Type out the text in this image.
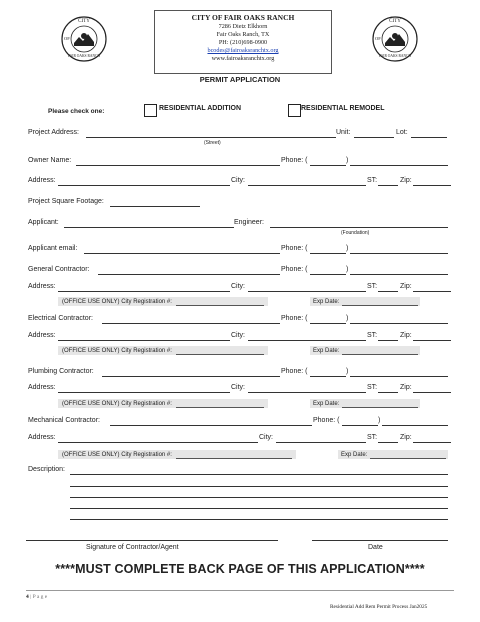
CITY
OF
FAIR OAKS RANCH
CITY
OF
FAIR OAKS RANCH
CITY OF FAIR OAKS RANCH
7286 Dietz Elkhorn
Fair Oaks Ranch, TX
PH: (210)698-0900
bcodes@fairoaksranchtx.org
www.fairoaksranchtx.org
PERMIT APPLICATION
Please check one:	RESIDENTIAL ADDITION	RESIDENTIAL REMODEL
Project Address:	Unit:	Lot:
(Street)
Owner Name:	Phone: (	)
Address:	City:	ST:	Zip:
Project Square Footage:
Applicant:	Engineer:
(Foundation)
Applicant email:	Phone: (	)
General Contractor:	Phone: (	)
Address:	City:	ST:	Zip:
(OFFICE USE ONLY) City Registration #:	Exp Date:
Electrical Contractor:	Phone: (	)
Address:	City:	ST:	Zip:
(OFFICE USE ONLY) City Registration #:	Exp Date:
Plumbing Contractor:	Phone: (	)
Address:	City:	ST:	Zip:
(OFFICE USE ONLY) City Registration #:	Exp Date:
Mechanical Contractor:	Phone: (	)
Address:	City:	ST:	Zip:
(OFFICE USE ONLY) City Registration #:	Exp Date:
Description:
Signature of Contractor/Agent	Date
****MUST COMPLETE BACK PAGE OF THIS APPLICATION****
4 | P a g e
Residential Add Rem Permit Process Jan2025
